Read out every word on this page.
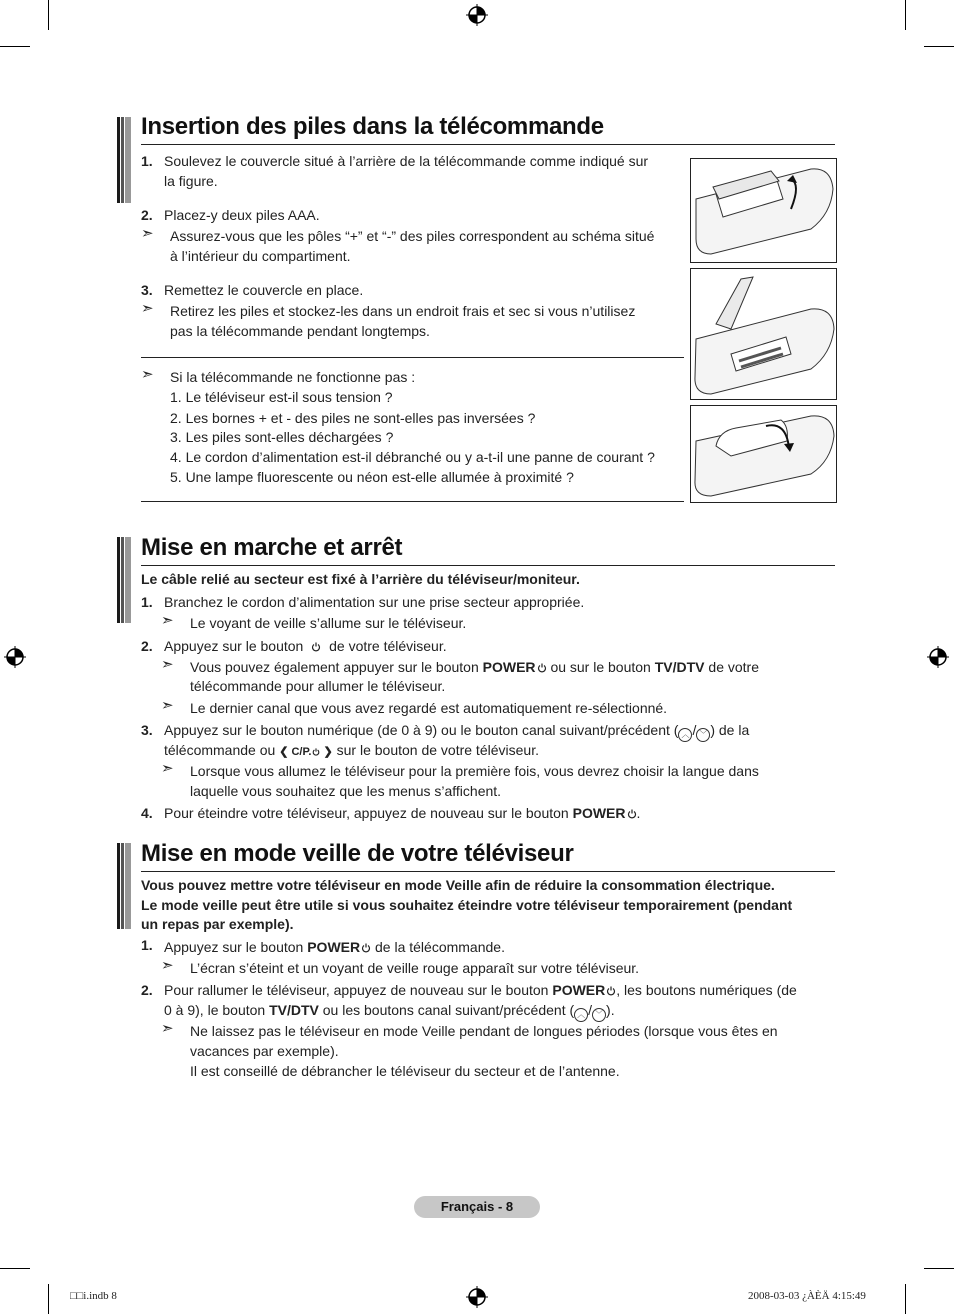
Insertion des piles dans la télécommande
1. Soulevez le couvercle situé à l’arrière de la télécommande comme indiqué sur
la figure.
2. Placez-y deux piles AAA.
➣ Assurez-vous que les pôles “+” et “-” des piles correspondent au schéma situé
à l’intérieur du compartiment.
3. Remettez le couvercle en place.
➣ Retirez les piles et stockez-les dans un endroit frais et sec si vous n’utilisez
pas la télécommande pendant longtemps.
➣ Si la télécommande ne fonctionne pas :
1. Le téléviseur est-il sous tension ?
2. Les bornes + et - des piles ne sont-elles pas inversées ?
3. Les piles sont-elles déchargées ?
4. Le cordon d’alimentation est-il débranché ou y a-t-il une panne de courant ?
5. Une lampe fluorescente ou néon est-elle allumée à proximité ?
Mise en marche et arrêt
Le câble relié au secteur est fixé à l’arrière du téléviseur/moniteur.
1. Branchez le cordon d’alimentation sur une prise secteur appropriée.
➣ Le voyant de veille s’allume sur le téléviseur.
2. Appuyez sur le bouton de votre téléviseur.
➣ Vous pouvez également appuyer sur le bouton POWER ou sur le bouton TV/DTV de votre
télécommande pour allumer le téléviseur.
➣ Le dernier canal que vous avez regardé est automatiquement re-sélectionné.
3. Appuyez sur le bouton numérique (de 0 à 9) ou le bouton canal suivant/précédent ( ︿ / ﹀ ) de la
télécommande ou ❮ C/P. ❯ sur le bouton de votre téléviseur.
➣ Lorsque vous allumez le téléviseur pour la première fois, vous devrez choisir la langue dans
laquelle vous souhaitez que les menus s’affichent.
4. Pour éteindre votre téléviseur, appuyez de nouveau sur le bouton POWER .
Mise en mode veille de votre téléviseur
Vous pouvez mettre votre téléviseur en mode Veille afin de réduire la consommation électrique.
Le mode veille peut être utile si vous souhaitez éteindre votre téléviseur temporairement (pendant
un repas par exemple).
1. Appuyez sur le bouton POWER de la télécommande.
➣ L’écran s’éteint et un voyant de veille rouge apparaît sur votre téléviseur.
2. Pour rallumer le téléviseur, appuyez de nouveau sur le bouton POWER , les boutons numériques (de
0 à 9), le bouton TV/DTV ou les boutons canal suivant/précédent ( ︿ / ﹀ ).
➣ Ne laissez pas le téléviseur en mode Veille pendant de longues périodes (lorsque vous êtes en
vacances par exemple).
Il est conseillé de débrancher le téléviseur du secteur et de l’antenne.
Français - 8
□□i.indb 8	2008-03-03 ¿ÀÈÄ 4:15:49
